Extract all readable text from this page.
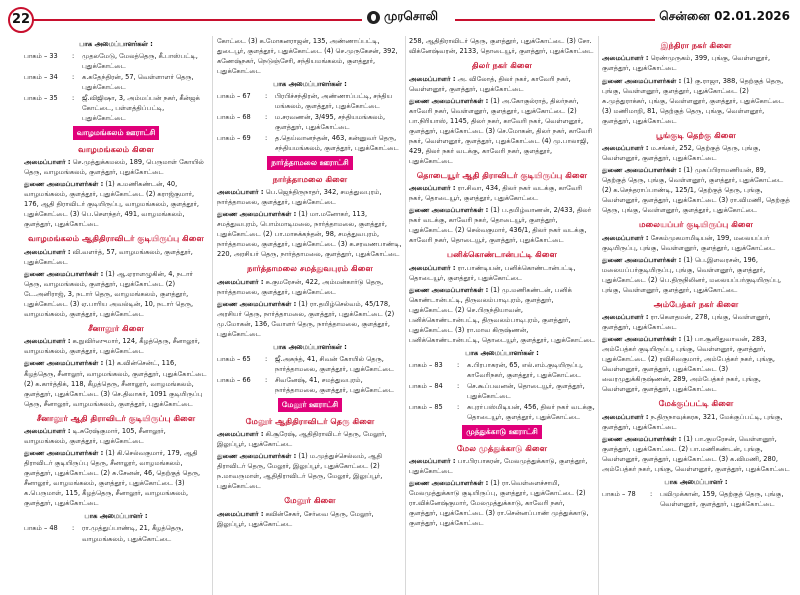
22	முரசொலி	சென்னை 02.01.2026
பாக அமைப்பாளர்கள் :
பாகம் – 33	:	முதலமேடு, மேலத்தெரு, கீ.பாஸ்பட்டி, புதுக்கோட்டை
பாகம் – 34	:	க.கதேந்திரன், 57, வெள்ளாளர் தெரு, புதுக்கோட்டை
பாகம் – 35	:	ஜீ.விஜிஷா, 3, அம்மப்பன் நகர், கீன்ஜக் கோட்டை, பள்ளத்திப்பட்டி, புதுக்கோட்டை
வாழமங்கலம் ஊராட்சி
வாழமங்கலம் கிளை
அமைப்பாளர் : செ.முத்துக்கமலம், 189, பெருமாள் கோயில் தெரு, வாழமங்கலம், குளத்தூர், புதுக்கோட்டை
துணை அமைப்பாளர்கள் : (1) க.மணிகண்டன், 40, வாழமங்கலம், குளத்தூர், புதுக்கோட்டை (2) கராஜ்குமார், 176, ஆதி திராவிடர் குடியிருப்பு, வாழமங்கலம், குளத்தூர், புதுக்கோட்டை (3) பெ.சௌந்தர், 491, வாழமங்கலம், குளத்தூர், புதுக்கோட்டை
வாழமங்கலம் ஆதிதிராவிடர் குடியிருப்பு கிளை
அமைப்பாளர் : வி.வளர்த், 57, வாழமங்கலம், குளத்தூர், புதுக்கோட்டை
துணை அமைப்பாளர்கள் : (1) ஆ.ஏராளழுகின், 4, நடார் தெரு, வாழமங்கலம், குளத்தூர், புதுக்கோட்டை (2) டே.அனிராஜ், 3, நடார் தெரு, வாழமங்கலம், குளத்தூர், புதுக்கோட்டை (3) ஏ.பாரிய அவல்டின், 10, நடார் தெரு, வாழமங்கலம், குளத்தூர், புதுக்கோட்டை
சீனாலூர் கிளை
அமைப்பாளர் : க.நுவிர்ஸுமார், 124, கீழத்தெரு, சீனாலூர், வாழமங்கலம், குளத்தூர், புதுக்கோட்டை
துணை அமைப்பாளர்கள் : (1) க.வின்சென்ட், 116, கீழத்தெரு, சீனாலூர், வாழமங்கலம், குளத்தூர், புதுக்கோட்டை (2) க.கார்த்திக், 118, கீழத்தெரு, சீனாலூர், வாழமங்கலம், குளத்தூர், புதுக்கோட்டை (3) செ.திவாகர், 1091 குடியிருப்பு தெரு, சீனாலூர், வாழமங்கலம், குளத்தூர், புதுக்கோட்டை
சீனாலூர் ஆதி திராவிடர் குடியிருப்பு கிளை
அமைப்பாளர் : டி.சுரேஷ்குமார், 105, சீனாலூர், வாழமங்கலம், குளத்தூர், புதுக்கோட்டை
துணை அமைப்பாளர்கள் : (1) கி.செல்வகுமார், 179, ஆதி திராவிடர் குடியிருப்பு தெரு, சீனாலூர், வாழமங்கலம், குளத்தூர், புதுக்கோட்டை (2) சு.சேனன், 46, தெற்குத் தெரு, சீனாலூர், வாழமங்கலம், குளத்தூர், புதுக்கோட்டை (3) க.பெருமாள், 115, கீழத்தெரு, சீனாலூர், வாழமங்கலம், குளத்தூர், புதுக்கோட்டை
பாக அமைப்பாளர் :
பாகம் – 48	:	ரா.முத்துப்பாண்டி, 21, கீழத்தெரு, வாழமங்கலம், புதுக்கோட்டை
கோட்டை (3) க.மோகனராஜன், 135, அண்ணாப்பட்டி, துடைபூர், குளத்தூர், புதுக்கோட்டை (4) செ.முருகேசன், 392, கணேஷ்நகர், நெடுஞ்சேரி, சந்தியமங்கலம், குளத்தூர், புதுக்கோட்டை
பாக அமைப்பாளர்கள் :
பாகம் – 67	:	பிரபிச்சந்திரன், அண்ணாப்பட்டி, சந்திய மங்கலம், குளத்தூர், புதுக்கோட்டை
பாகம் – 68	:	ம.சரவணன், 3/495, சந்தியமங்கலம், குளத்தூர், புதுக்கோட்டை
பாகம் – 69	:	த.தெய்வானந்தன், 463, கன்னுவர் தெரு, சந்தியமங்கலம், குளத்தூர், புதுக்கோட்டை
நார்த்தாமலை ஊராட்சி
நார்த்தாமலை கிளை
அமைப்பாளர் : பெ.ஜெந்திருநாதர், 342, சமத்துவபுரம், நார்த்தாமலை, குளத்தூர், புதுக்கோட்டை
துணை அமைப்பாளர்கள் : (1) மா.மனோகர், 113, சமத்துவபுரம், பொம்மாடிமலை, நார்த்தாமலை, குளத்தூர், புதுக்கோட்டை (2) பா.மாசுக்கந்தன், 98, சமத்துவபுரம், நார்த்தாமலை, குளத்தூர், புதுக்கோட்டை (3) க.சரவணபாண்டி, 220, அரசியர் தெரு, நார்த்தாமலை, குளத்தூர், புதுக்கோட்டை
நார்த்தாமலை சமத்துவபுரம் கிளை
அமைப்பாளர் : சு.குமரேசன், 422, அம்மன்கார்டு தெரு, நார்த்தாமலை, குளத்தூர், புதுக்கோட்டை
துணை அமைப்பாளர்கள் : (1) ரா.தமிழ்செல்வம், 45/178, அரசியர் தெரு, நார்த்தாமலை, குளத்தூர், புதுக்கோட்டை (2) மு.மோகன், 136, வோளர் தெரு, நார்த்தாமலை, குளத்தூர், புதுக்கோட்டை
பாக அமைப்பாளர்கள் :
பாகம் – 65	:	ஜீ.அசுந்த், 41, சிவன் கோயில் தெரு, நார்த்தாமலை, குளத்தூர், புதுக்கோட்டை
பாகம் – 66	:	சிவனேஷ், 41, சமத்துவபுரம், நார்த்தாமலை, குளத்தூர், புதுக்கோட்டை
மேலூர் ஊராட்சி
மேலூர் ஆதிதிராவிடர் தெரு கிளை
அமைப்பாளர் : கி.சூரேஷ், ஆதிதிராவிடர் தெரு, மேலூர், இலுப்பூர், புதுக்கோட்டை
துணை அமைப்பாளர்கள் : (1) ம.முத்துச்செல்வம், ஆதி திராவிடர் தெரு, மேலூர், இலுப்பூர், புதுக்கோட்டை (2) ந.மாவருமாள், ஆதிதிராவிடர் தெரு, மேலூர், இலுப்பூர், புதுக்கோட்டை
மேலூர் கிளை
அமைப்பாளர் : கவின்சேகர், சேர்வை தெரு, மேலூர், இலுப்பூர், புதுக்கோட்டை
258, ஆதிதிராவிடர் தெரு, குளத்தூர், புதுக்கோட்டை (3) சோ. விக்னேஷ்வரன், 2133, தொடையூர், குளத்தூர், புதுக்கோட்டை
திலர் நகர் கிளை
அமைப்பாளர் : அ. விலோத், திலர் நகர், காவேரி நகர், வெள்ளனூர், குளத்தூர், புதுக்கோட்டை
துணை அமைப்பாளர்கள் : (1) அ.கோகுல்ராத், திலர்நகர், காவேரி நகர், வெள்ளனூர், குளத்தூர், புதுக்கோட்டை (2) பா.நிரியாஸ், 1145, திலர் நகர், காவேரி நகர், வெள்ளனூர், குளத்தூர், புதுக்கோட்டை (3) செ.மோகன், திலர் நகர், காவேரி நகர், வெள்ளனூர், குளத்தூர், புதுக்கோட்டை (4) மு.பாலாஜி, 429, திலர் நகர் வடக்கு, காவேரி நகர், குளத்தூர், புதுக்கோட்டை
தொடையூர் ஆதி திராவிடர் குடியிருப்பு கிளை
அமைப்பாளர் : ரா.சிவா, 434, திலர் நகர் வடக்கு, காவேரி நகர், தொடையூர், குளத்தூர், புதுக்கோட்டை
துணை அமைப்பாளர்கள் : (1) ப.தமிழ்வாணன், 2/433, திலர் நகர் வடக்கு, காவேரி நகர், தொடையூர், குளத்தூர், புதுக்கோட்டை (2) செல்வகுமார், 436/1, திலர் நகர் வடக்கு, காவேரி நகர், தொடையூர், குளத்தூர், புதுக்கோட்டை
பனிக்கொண்டான்பட்டி கிளை
அமைப்பாளர் : ரா.பாண்டியன், பனிக்கொண்டான்பட்டி, தொடையூர், குளத்தூர், புதுக்கோட்டை
துணை அமைப்பாளர்கள் : (1) மு.மணிகண்டன், பனிக் கொண்டான்பட்டி, திருவலம்பாடிபுரம், குளத்தூர், புதுக்கோட்டை (2) செ.பிருந்தியாவன், பனிக்கொண்டான்பட்டி, திருவலம்பாடிபுரம், குளத்தூர், புதுக்கோட்டை (3) ரா.மாவ கிருஷ்ணன், பனிக்கொண்டான்பட்டி, தொடையூர், குளத்தூர், புதுக்கோட்டை
பாக அமைப்பாளர்கள் :
பாகம் – 83	:	க.பிரபாகரன், 65, எல்.எம்.குடியிருப்பு, காவேரிநகர், குளத்தூர், புதுக்கோட்டை
பாகம் – 84	:	செ.கூப்பவனன், தொடையூர், குளத்தூர், புதுக்கோட்டை
பாகம் – 85	:	சுபுரா்பஸ்மிடியன், 456, திலர் நகர் வடக்கு, தொடையூர், குளத்தூர், புதுக்கோட்டை
முத்துக்காடு ஊராட்சி
மேல முத்துக்காடு கிளை
அமைப்பாளர் : பா.பிரபாகரன், மேலமுத்துக்காடு, குளத்தூர், புதுக்கோட்டை
துணை அமைப்பாளர்கள் : (1) ரா.வெள்ளைச்சாமி, மேலமுத்துக்காடு குடியிருப்பு, குளத்தூர், புதுக்கோட்டை (2) ரா.விக்னேஷ்குமார், மேலமுத்துக்காடு, காவேரி நகர், குளத்தூர், புதுக்கோட்டை (3) ரா.சென்னப்பாண் முத்துக்காடு, குளத்தூர், புதுக்கோட்டை
இந்திரா நகர் கிளை
அமைப்பாளர் : ரெண்முருகம், 399, புங்கு, வெள்ளனூர், குளத்தூர், புதுக்கோட்டை
துணை அமைப்பாளர்கள் : (1) கு.ராஜா, 388, தெற்குத் தெரு, புங்கு, வெள்ளனூர், குளத்தூர், புதுக்கோட்டை (2) சு.முத்துராக்கர், புங்கு, வெள்ளனூர், குளத்தூர், புதுக்கோட்டை (3) மணிமாறி, 81, தெற்குத் தெரு, புங்கு, வெள்ளனூர், குளத்தூர், புதுக்கோட்டை
பூங்குடி தெற்கு கிளை
அமைப்பாளர் : ம.சங்கர், 252, தெற்குத் தெரு, புங்கு, வெள்ளனூர், குளத்தூர், புதுக்கோட்டை
துணை அமைப்பாளர்கள் : (1) முகப்பிராமணியன், 89, தெற்குத் தெரு, புங்கு, வெள்ளனூர், குளத்தூர், புதுக்கோட்டை (2) க.செந்தராப்பாண்டி, 125/1, தெற்குத் தெரு, புங்கு, வெள்ளனூர், குளத்தூர், புதுக்கோட்டை (3) ரா.விமணி, தெற்குத் தெரு, புங்கு, வெள்ளனூர், குளத்தூர், புதுக்கோட்டை
மலையப்பர் குடியிருப்பு கிளை
அமைப்பாளர் : சேகம்முகமாமிடியன், 199, மலையப்பர் குடியிருப்பு, புங்கு, வெள்ளனூர், குளத்தூர், புதுக்கோட்டை
துணை அமைப்பாளர்கள் : (1) பெ.இளவரசன், 196, மலையப்பர்குடியிருப்பு, புங்கு, வெள்ளனூர், குளத்தூர், புதுக்கோட்டை (2) பெ.திருநிலினர், மலையப்பர்குடியிருப்பு, புங்கு, வெள்ளனூர், குளத்தூர், புதுக்கோட்டை
அம்பேத்கர் நகர் கிளை
அமைப்பாளர் : ரா.கௌதமன், 278, புங்கு, வெள்ளனூர், குளத்தூர், புதுக்கோட்டை
துணை அமைப்பாளர்கள் : (1) பா.சூனிதுவாவன், 283, அம்பேத்கர் குடியிருப்பு, புங்கு, வெள்ளனூர், குளத்தூர், புதுக்கோட்டை (2) ரவிசிவகுமார், அம்பேத்கர் நகர், புங்கு, வெள்ளனூர், குளத்தூர், புதுக்கோட்டை (3) வைரமுதுக்கிருஷ்ணன், 289, அம்பேத்கர் நகர், புங்கு, வெள்ளனூர், குளத்தூர், புதுக்கோட்டை
மேக்குப்பட்டி கிளை
அமைப்பாளர் : ந.திருநாவுக்கரசு, 321, மேக்குப்பட்டி, புங்கு, குளத்தூர், புதுக்கோட்டை
துணை அமைப்பாளர்கள் : (1) பா.குமரேசன், வெள்ளனூர், குளத்தூர், புதுக்கோட்டை (2) பா.மணிகண்டன், புங்கு, வெள்ளனூர், குளத்தூர், புதுக்கோட்டை (3) க.விமணி, 280, அம்பேத்கர் நகர், புங்கு, வெள்ளனூர், குளத்தூர், புதுக்கோட்டை
பாக அமைப்பாளர் :
பாகம் – 78	:	பவிமுக்கான், 159, தெற்குத் தெரு, புங்கு, வெள்ளனூர், குளத்தூர், புதுக்கோட்டை
